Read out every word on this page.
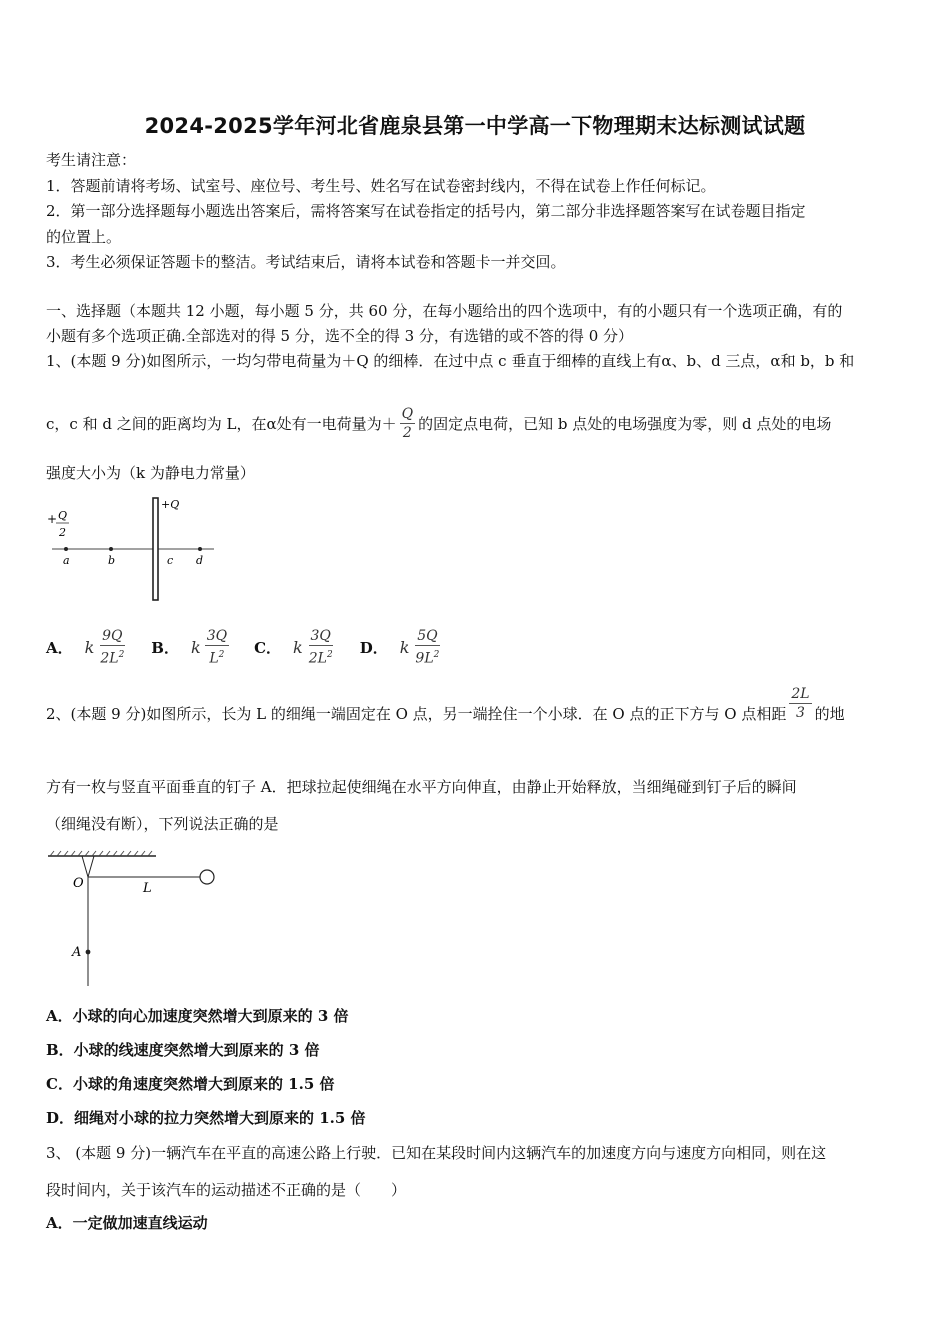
2024-2025学年河北省鹿泉县第一中学高一下物理期末达标测试试题
考生请注意：
1．答题前请将考场、试室号、座位号、考生号、姓名写在试卷密封线内，不得在试卷上作任何标记。
2．第一部分选择题每小题选出答案后，需将答案写在试卷指定的括号内，第二部分非选择题答案写在试卷题目指定
的位置上。
3．考生必须保证答题卡的整洁。考试结束后，请将本试卷和答题卡一并交回。
一、选择题（本题共 12 小题，每小题 5 分，共 60 分，在每小题给出的四个选项中，有的小题只有一个选项正确，有的
小题有多个选项正确.全部选对的得 5 分，选不全的得 3 分，有选错的或不答的得 0 分）
1、(本题 9 分)如图所示，一均匀带电荷量为＋Q 的细棒．在过中点 c 垂直于细棒的直线上有α、b、d 三点，α和 b，b 和
c，c 和 d 之间的距离均为 L，在α处有一电荷量为＋ $\frac{Q}{2}$ 的固定点电荷，已知 b 点处的电场强度为零，则 d 点处的电场
强度大小为（k 为静电力常量）
+ Q
2
+Q
a	b	c d
A． k $\frac{9Q}{2L^2}$ B． k $\frac{3Q}{L^2}$ C． k $\frac{3Q}{2L^2}$ D． k $\frac{5Q}{9L^2}$
2、(本题 9 分)如图所示，长为 L 的细绳一端固定在 O 点，另一端拴住一个小球．在 O 点的正下方与 O 点相距 $\frac{2L}{3}$ 的地
方有一枚与竖直平面垂直的钉子 A．把球拉起使细绳在水平方向伸直，由静止开始释放，当细绳碰到钉子后的瞬间
（细绳没有断），下列说法正确的是
O	L
A
A．小球的向心加速度突然增大到原来的 3 倍
B．小球的线速度突然增大到原来的 3 倍
C．小球的角速度突然增大到原来的 1.5 倍
D．细绳对小球的拉力突然增大到原来的 1.5 倍
3、 (本题 9 分)一辆汽车在平直的高速公路上行驶．已知在某段时间内这辆汽车的加速度方向与速度方向相同，则在这
段时间内，关于该汽车的运动描述不正确的是（　　）
A．一定做加速直线运动
